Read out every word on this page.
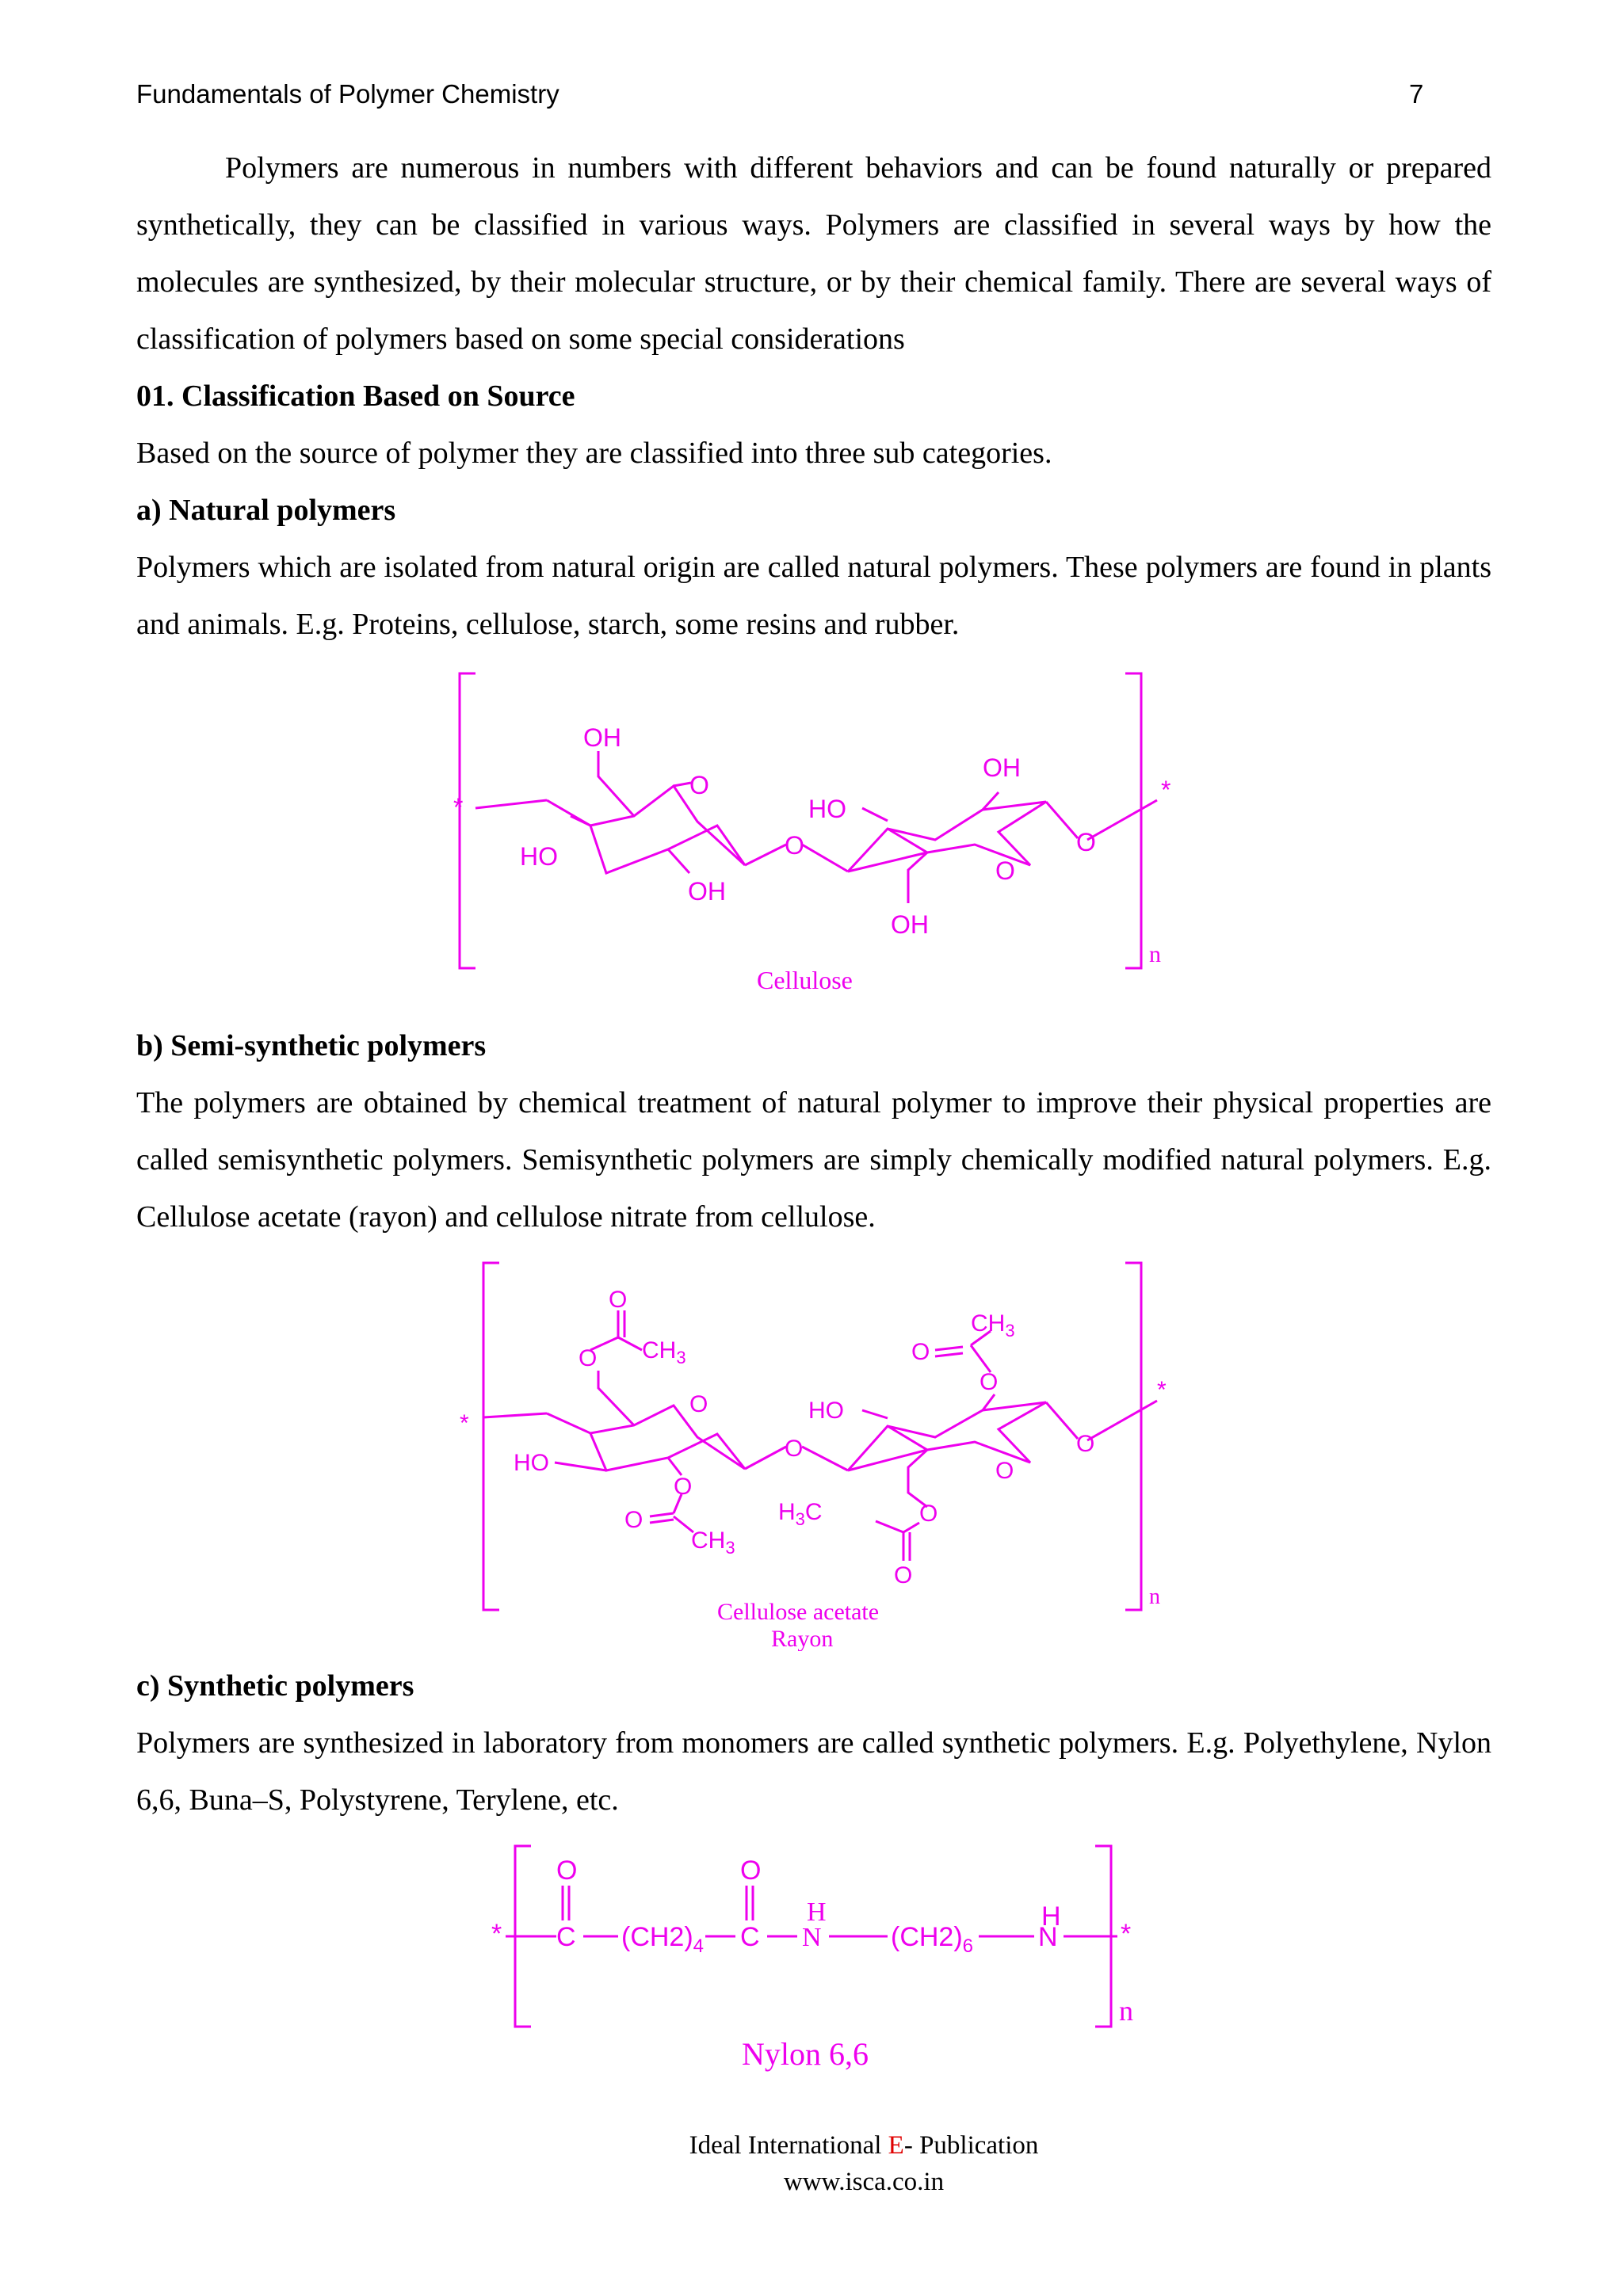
Fundamentals of Polymer Chemistry	7

Polymers are numerous in numbers with different behaviors and can be found naturally or prepared synthetically, they can be classified in various ways. Polymers are classified in several ways by how the molecules are synthesized, by their molecular structure, or by their chemical family. There are several ways of classification of polymers based on some special considerations

01. Classification Based on Source

Based on the source of polymer they are classified into three sub categories.

a) Natural polymers

Polymers which are isolated from natural origin are called natural polymers. These polymers are found in plants and animals. E.g. Proteins, cellulose, starch, some resins and rubber.

*
*
OH
HO
OH
O
O
HO
OH
O
O
OH
n
Cellulose

b) Semi-synthetic polymers

The polymers are obtained by chemical treatment of natural polymer to improve their physical properties are called semisynthetic polymers. Semisynthetic polymers are simply chemically modified natural polymers. E.g. Cellulose acetate (rayon) and cellulose nitrate from cellulose.

*
*
O
O $CH_3$
O
HO
O
O
$CH_3$
O
HO
$CH_3$
O
O
O
O
$H_3C$	O
O
n
Cellulose acetate
Rayon

c) Synthetic polymers

Polymers are synthesized in laboratory from monomers are called synthetic polymers. E.g. Polyethylene, Nylon 6,6, Buna–S, Polystyrene, Terylene, etc.

*	*
O
C $(CH2)_4$
O
C
H
N	$(CH2)_6$
H
N
n
Nylon 6,6
Ideal International E- Publication
www.isca.co.in
